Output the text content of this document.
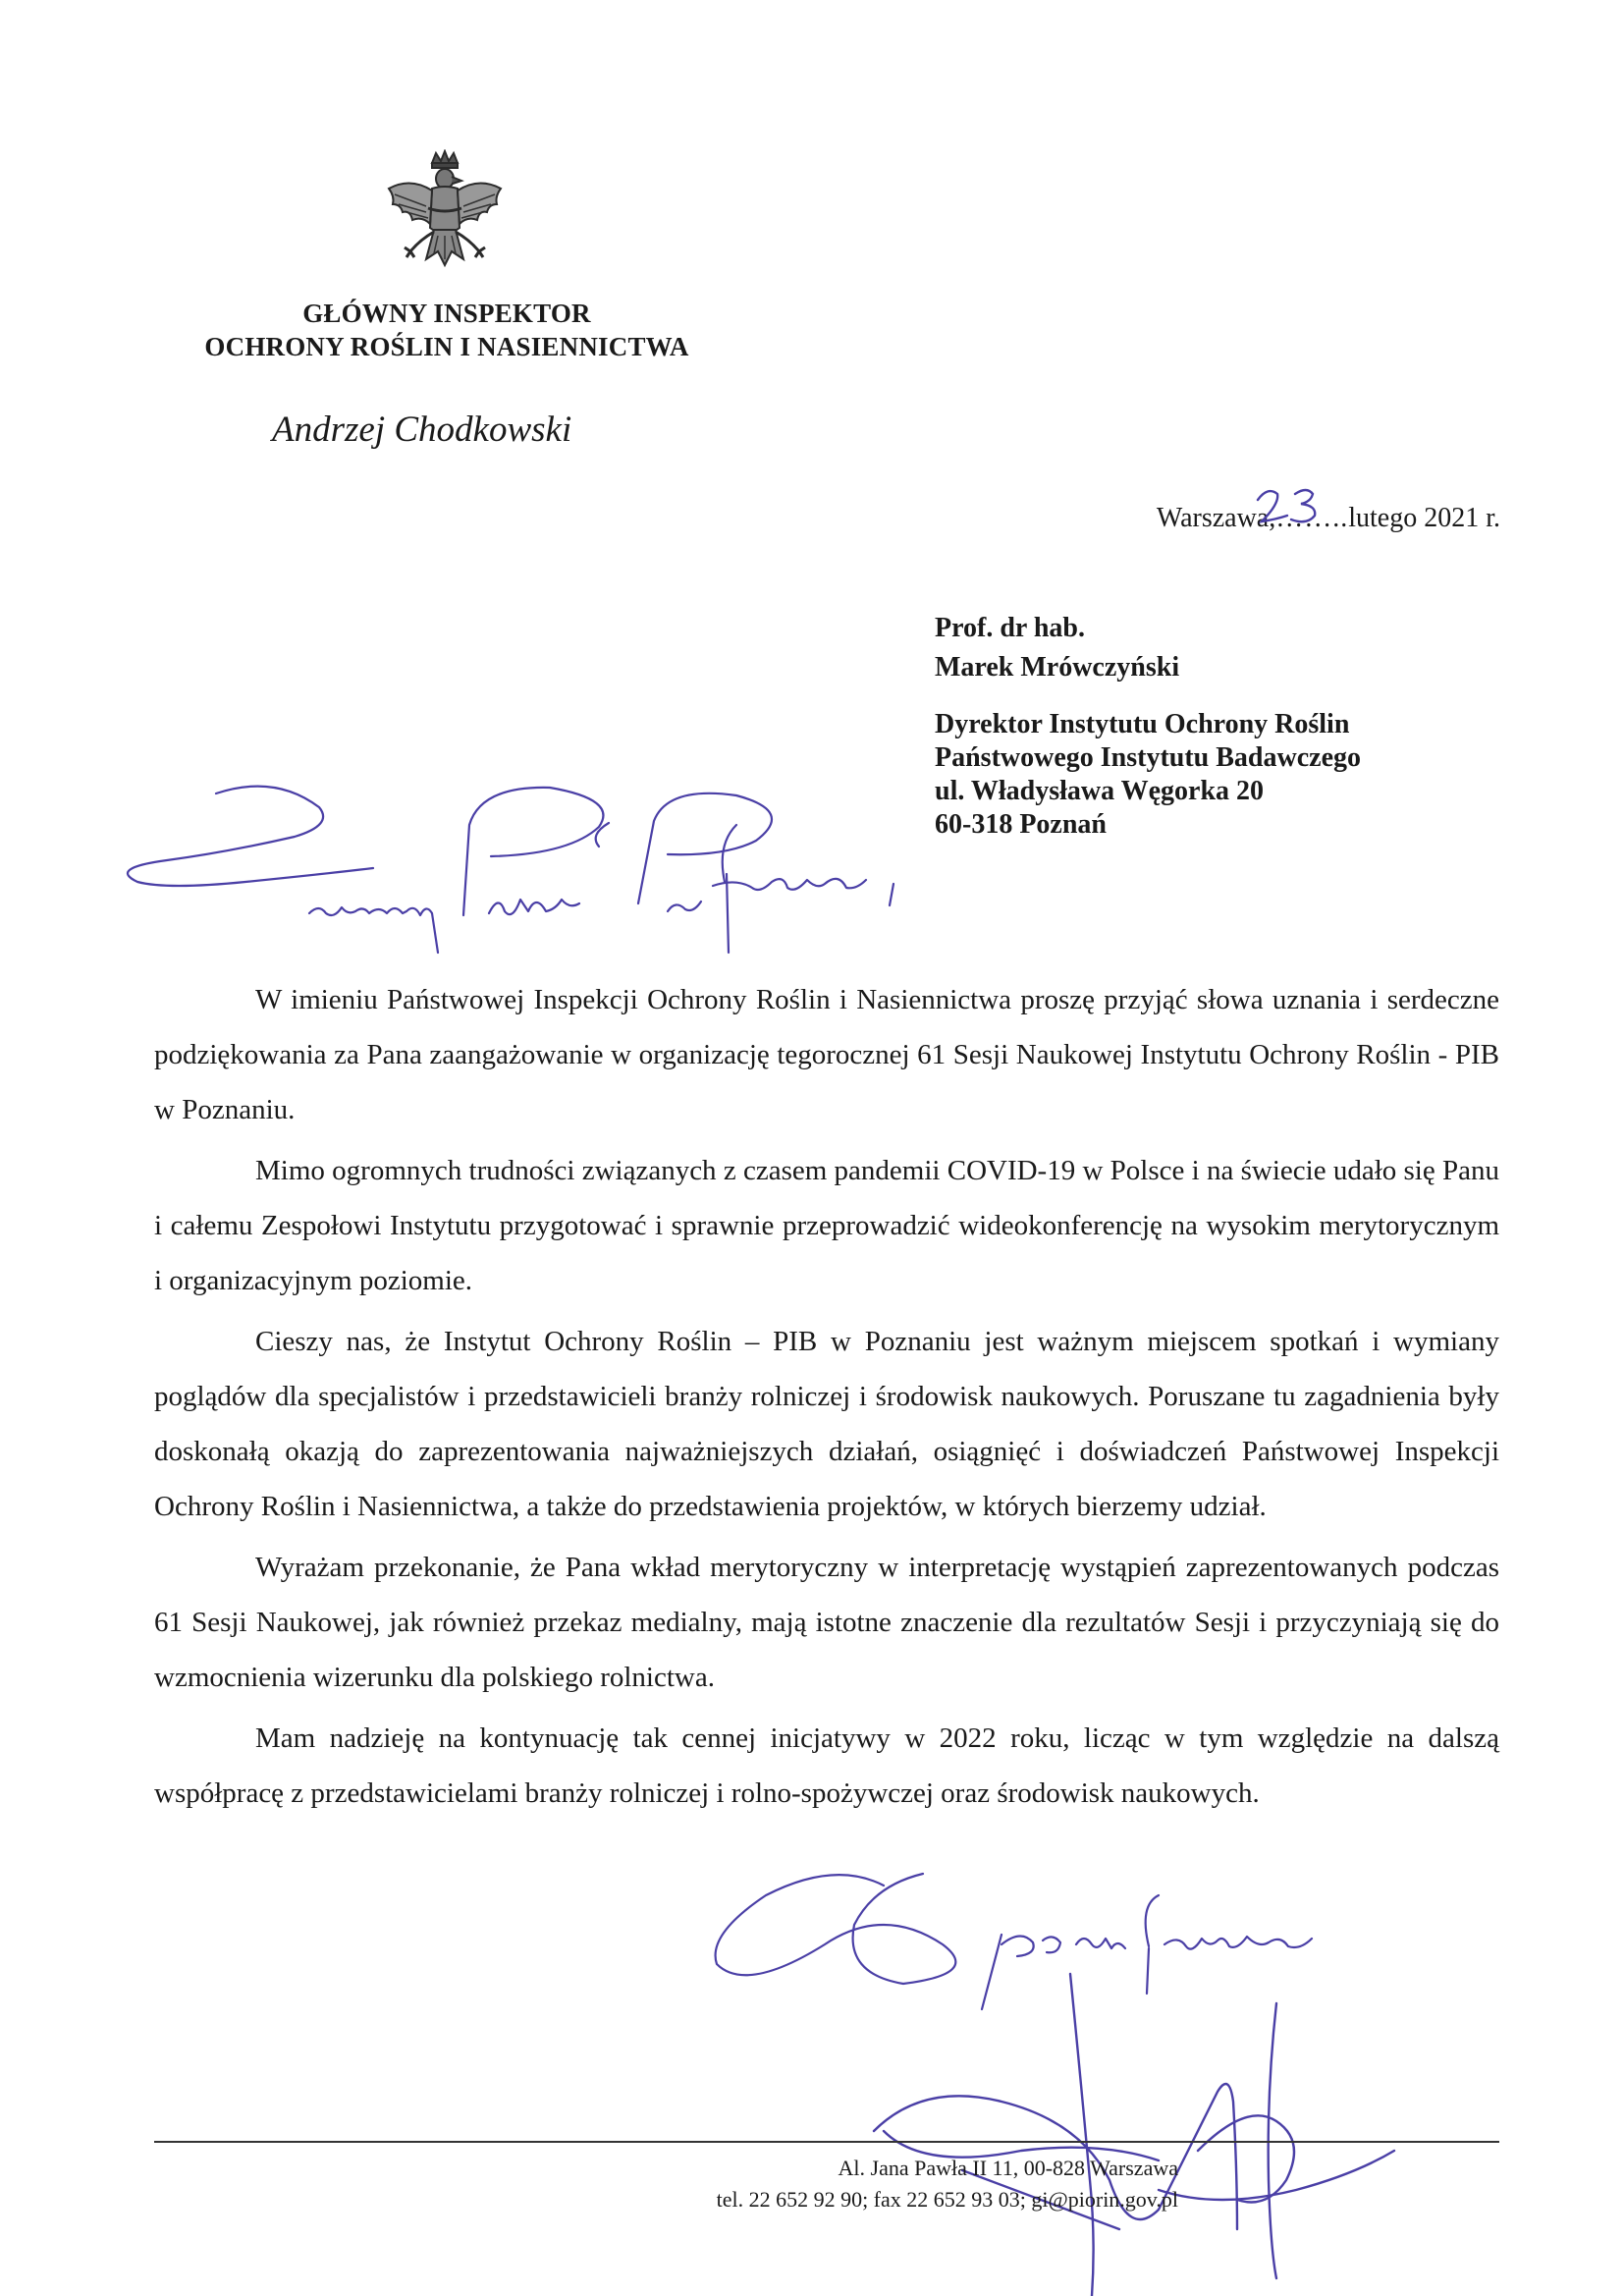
GŁÓWNY INSPEKTOR
OCHRONY ROŚLIN I NASIENNICTWA
Andrzej Chodkowski
Warszawa,……..lutego 2021 r.
Prof. dr hab.
Marek Mrówczyński
Dyrektor Instytutu Ochrony Roślin
Państwowego Instytutu Badawczego
ul. Władysława Węgorka 20
60-318 Poznań

W imieniu Państwowej Inspekcji Ochrony Roślin i Nasiennictwa proszę przyjąć słowa uznania i serdeczne podziękowania za Pana zaangażowanie w organizację tegorocznej 61 Sesji Naukowej Instytutu Ochrony Roślin - PIB w Poznaniu.

Mimo ogromnych trudności związanych z czasem pandemii COVID-19 w Polsce i na świecie udało się Panu i całemu Zespołowi Instytutu przygotować i sprawnie przeprowadzić wideokonferencję na wysokim merytorycznym i organizacyjnym poziomie.

Cieszy nas, że Instytut Ochrony Roślin – PIB w Poznaniu jest ważnym miejscem spotkań i wymiany poglądów dla specjalistów i przedstawicieli branży rolniczej i środowisk naukowych. Poruszane tu zagadnienia były doskonałą okazją do zaprezentowania najważniejszych działań, osiągnięć i doświadczeń Państwowej Inspekcji Ochrony Roślin i Nasiennictwa, a także do przedstawienia projektów, w których bierzemy udział.

Wyrażam przekonanie, że Pana wkład merytoryczny w interpretację wystąpień zaprezentowanych podczas 61 Sesji Naukowej, jak również przekaz medialny, mają istotne znaczenie dla rezultatów Sesji i przyczyniają się do wzmocnienia wizerunku dla polskiego rolnictwa.

Mam nadzieję na kontynuację tak cennej inicjatywy w 2022 roku, licząc w tym względzie na dalszą współpracę z przedstawicielami branży rolniczej i rolno-spożywczej oraz środowisk naukowych.

Al. Jana Pawła II 11, 00-828 Warszawa
tel. 22 652 92 90; fax 22 652 93 03; gi@piorin.gov.pl
